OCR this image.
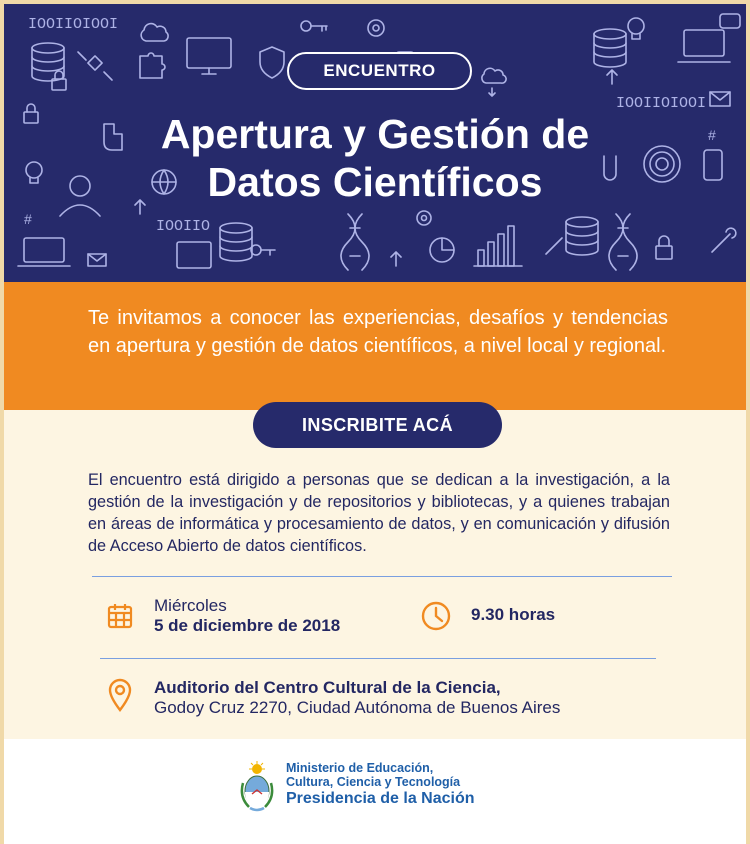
IOOIIOIOOI
IOOIIOIOOI
IOOIIO
#
#
ENCUENTRO
Apertura y Gestión de
Datos Científicos
Te invitamos a conocer las experiencias, desafíos y tendencias en apertura y gestión de datos científicos, a nivel local y regional.
INSCRIBITE ACÁ
El encuentro está dirigido a personas que se dedican a la investigación, a la gestión de la investigación y de repositorios y bibliotecas, y a quienes trabajan en áreas de informática y procesamiento de datos, y en comunicación y difusión de Acceso Abierto de datos científicos.
Miércoles
5 de diciembre de 2018
9.30 horas
Auditorio del Centro Cultural de la Ciencia,
Godoy Cruz 2270, Ciudad Autónoma de Buenos Aires
Ministerio de Educación,
Cultura, Ciencia y Tecnología
Presidencia de la Nación
